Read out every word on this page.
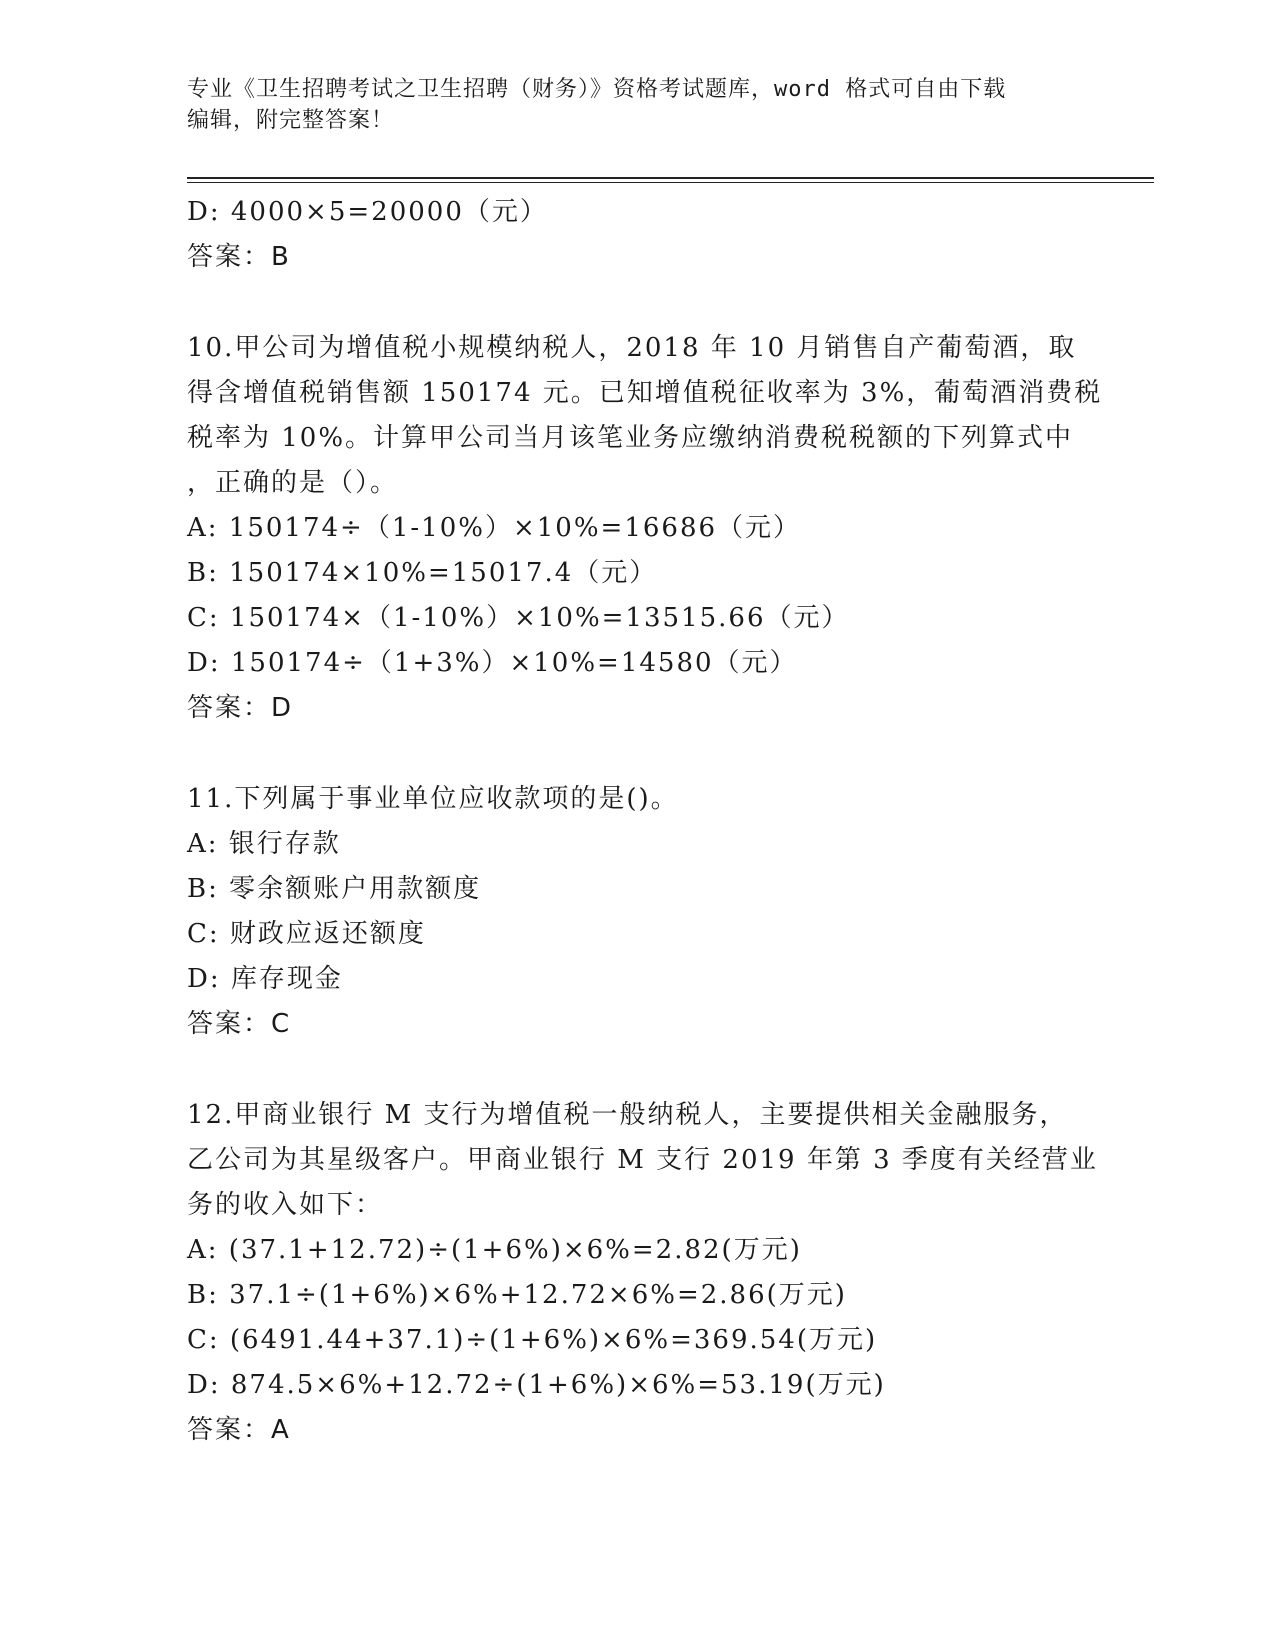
专业《卫生招聘考试之卫生招聘（财务）》资格考试题库，word 格式可自由下载
编辑，附完整答案！
D: 4000×5=20000（元）
答案：B
10.甲公司为增值税小规模纳税人，2018 年 10 月销售自产葡萄酒，取
得含增值税销售额 150174 元。已知增值税征收率为 3%，葡萄酒消费税
税率为 10%。计算甲公司当月该笔业务应缴纳消费税税额的下列算式中
，正确的是（）。
A: 150174÷（1-10%）×10%=16686（元）
B: 150174×10%=15017.4（元）
C: 150174×（1-10%）×10%=13515.66（元）
D: 150174÷（1+3%）×10%=14580（元）
答案：D
11.下列属于事业单位应收款项的是()。
A: 银行存款
B: 零余额账户用款额度
C: 财政应返还额度
D: 库存现金
答案：C
12.甲商业银行 M 支行为增值税一般纳税人，主要提供相关金融服务，
乙公司为其星级客户。甲商业银行 M 支行 2019 年第 3 季度有关经营业
务的收入如下：
A: (37.1+12.72)÷(1+6%)×6%=2.82(万元)
B: 37.1÷(1+6%)×6%+12.72×6%=2.86(万元)
C: (6491.44+37.1)÷(1+6%)×6%=369.54(万元)
D: 874.5×6%+12.72÷(1+6%)×6%=53.19(万元)
答案：A
